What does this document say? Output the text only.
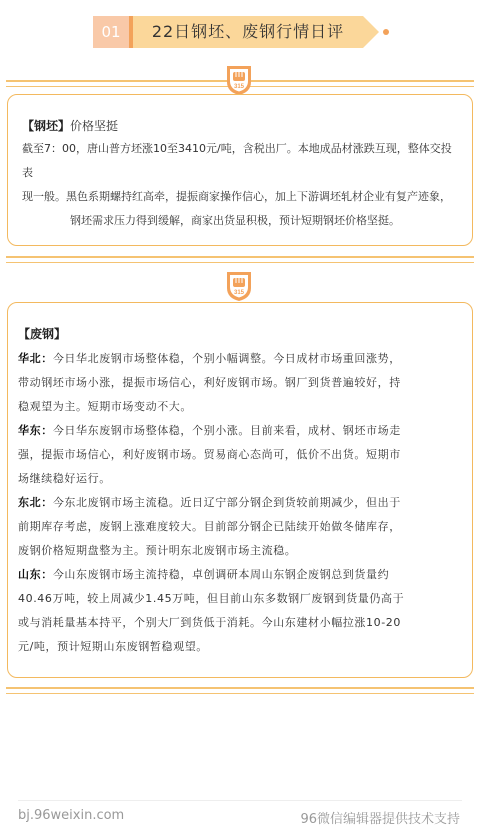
01	22日钢坯、废钢行情日评
315
【钢坯】价格坚挺
截至7：00，唐山普方坯涨10至3410元/吨，含税出厂。本地成品材涨跌互现，整体交投表
现一般。黑色系期螺持红高牵，提振商家操作信心，加上下游调坯轧材企业有复产迹象，
钢坯需求压力得到缓解，商家出货显积极，预计短期钢坯价格坚挺。
315
【废钢】
华北：今日华北废钢市场整体稳，个别小幅调整。今日成材市场重回涨势，
带动钢坯市场小涨，提振市场信心，利好废钢市场。钢厂到货普遍较好，持
稳观望为主。短期市场变动不大。
华东：今日华东废钢市场整体稳，个别小涨。目前来看，成材、钢坯市场走
强，提振市场信心，利好废钢市场。贸易商心态尚可，低价不出货。短期市
场继续稳好运行。
东北：今东北废钢市场主流稳。近日辽宁部分钢企到货较前期减少，但出于
前期库存考虑，废钢上涨难度较大。目前部分钢企已陆续开始做冬储库存，
废钢价格短期盘整为主。预计明东北废钢市场主流稳。
山东：今山东废钢市场主流持稳，卓创调研本周山东钢企废钢总到货量约
40.46万吨，较上周减少1.45万吨，但目前山东多数钢厂废钢到货量仍高于
或与消耗量基本持平，个别大厂到货低于消耗。今山东建材小幅拉涨10-20
元/吨，预计短期山东废钢暂稳观望。
bj.96weixin.com	96微信编辑器提供技术支持
